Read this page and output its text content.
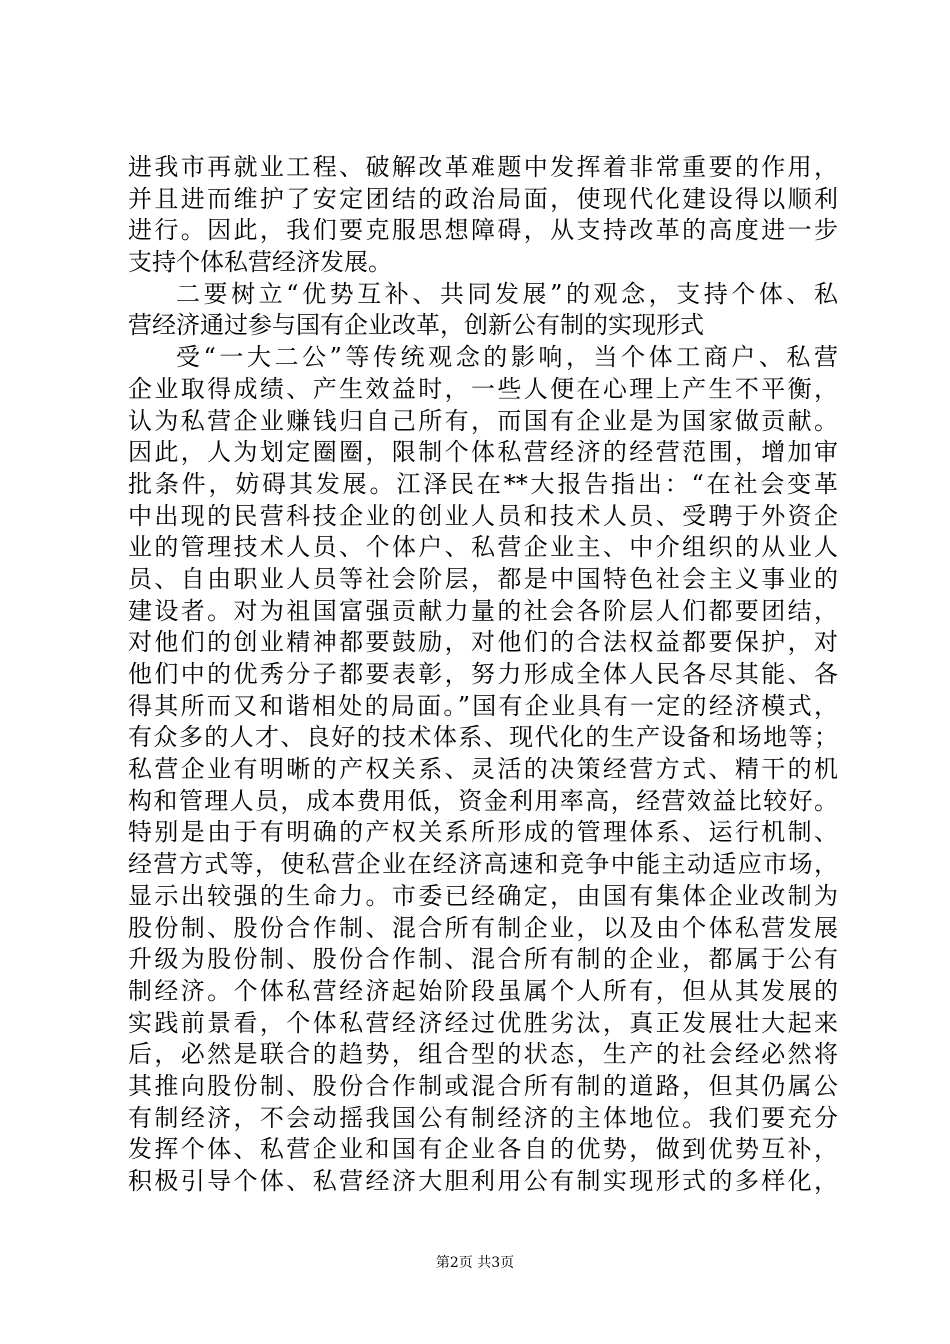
进我市再就业工程、破解改革难题中发挥着非常重要的作用，
并且进而维护了安定团结的政治局面，使现代化建设得以顺利
进行。因此，我们要克服思想障碍，从支持改革的高度进一步
支持个体私营经济发展。
二要树立“优势互补、共同发展”的观念，支持个体、私
营经济通过参与国有企业改革，创新公有制的实现形式
受“一大二公”等传统观念的影响，当个体工商户、私营
企业取得成绩、产生效益时，一些人便在心理上产生不平衡，
认为私营企业赚钱归自己所有，而国有企业是为国家做贡献。
因此，人为划定圈圈，限制个体私营经济的经营范围，增加审
批条件，妨碍其发展。江泽民在**大报告指出：“在社会变革
中出现的民营科技企业的创业人员和技术人员、受聘于外资企
业的管理技术人员、个体户、私营企业主、中介组织的从业人
员、自由职业人员等社会阶层，都是中国特色社会主义事业的
建设者。对为祖国富强贡献力量的社会各阶层人们都要团结，
对他们的创业精神都要鼓励，对他们的合法权益都要保护，对
他们中的优秀分子都要表彰，努力形成全体人民各尽其能、各
得其所而又和谐相处的局面。”国有企业具有一定的经济模式，
有众多的人才、良好的技术体系、现代化的生产设备和场地等；
私营企业有明晰的产权关系、灵活的决策经营方式、精干的机
构和管理人员，成本费用低，资金利用率高，经营效益比较好。
特别是由于有明确的产权关系所形成的管理体系、运行机制、
经营方式等，使私营企业在经济高速和竞争中能主动适应市场，
显示出较强的生命力。市委已经确定，由国有集体企业改制为
股份制、股份合作制、混合所有制企业，以及由个体私营发展
升级为股份制、股份合作制、混合所有制的企业，都属于公有
制经济。个体私营经济起始阶段虽属个人所有，但从其发展的
实践前景看，个体私营经济经过优胜劣汰，真正发展壮大起来
后，必然是联合的趋势，组合型的状态，生产的社会经必然将
其推向股份制、股份合作制或混合所有制的道路，但其仍属公
有制经济，不会动摇我国公有制经济的主体地位。我们要充分
发挥个体、私营企业和国有企业各自的优势，做到优势互补，
积极引导个体、私营经济大胆利用公有制实现形式的多样化，
第2页 共3页
